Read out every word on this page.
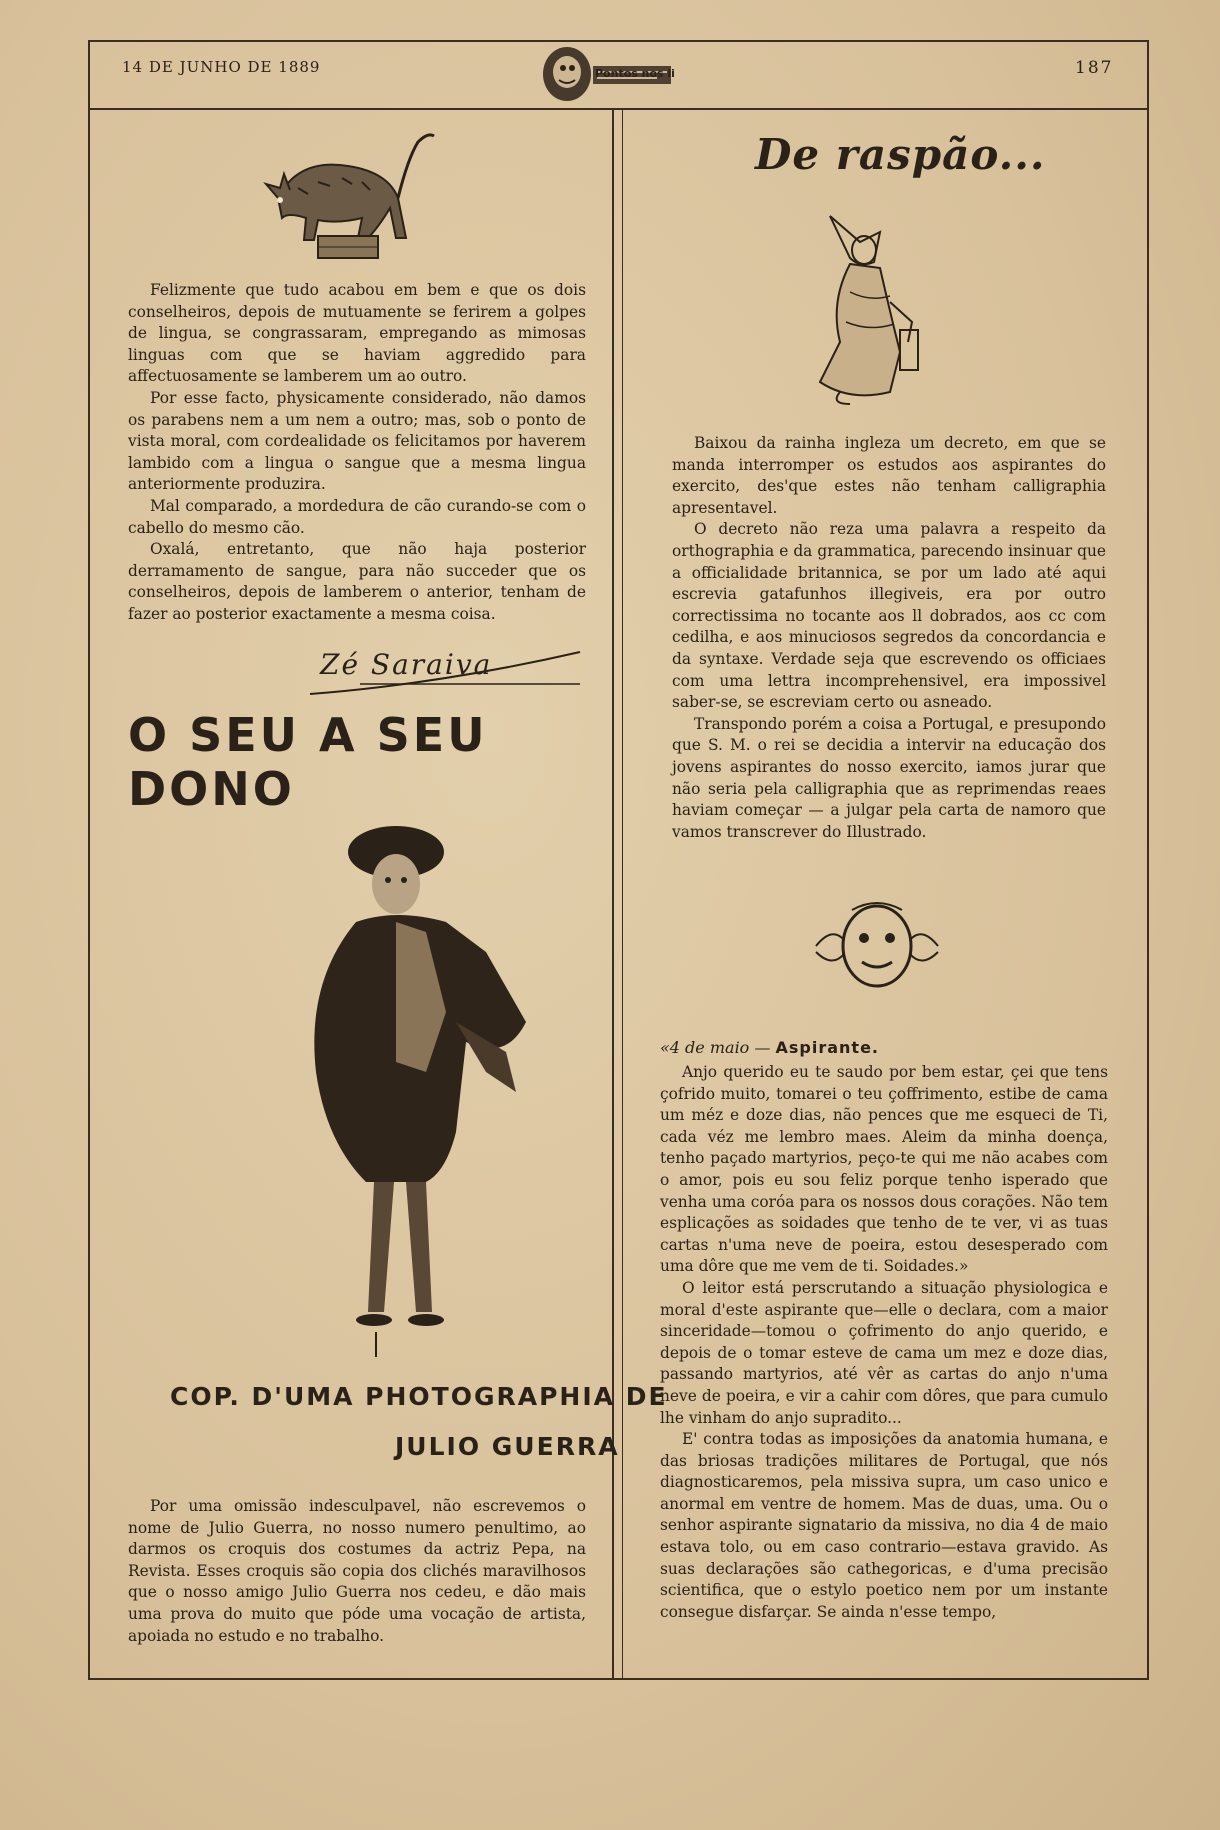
14 DE JUNHO DE 1889	187

Felizmente que tudo acabou em bem e que os dois conselheiros, depois de mutuamente se ferirem a golpes de lingua, se congrassaram, empregando as mimosas linguas com que se haviam aggredido para affectuosamente se lamberem um ao outro.

Por esse facto, physicamente considerado, não damos os parabens nem a um nem a outro; mas, sob o ponto de vista moral, com cordealidade os felicitamos por haverem lambido com a lingua o sangue que a mesma lingua anteriormente produzira.

Mal comparado, a mordedura de cão curando-se com o cabello do mesmo cão.

Oxalá, entretanto, que não haja posterior derramamento de sangue, para não succeder que os conselheiros, depois de lamberem o anterior, tenham de fazer ao posterior exactamente a mesma coisa.

Zé Saraiva
O SEU A SEU DONO
COP. D'UMA PHOTOGRAPHIA DE
JULIO GUERRA

Por uma omissão indesculpavel, não escrevemos o nome de Julio Guerra, no nosso numero penultimo, ao darmos os croquis dos costumes da actriz Pepa, na Revista. Esses croquis são copia dos clichés maravilhosos que o nosso amigo Julio Guerra nos cedeu, e dão mais uma prova do muito que póde uma vocação de artista, apoiada no estudo e no trabalho.

De raspão...

Baixou da rainha ingleza um decreto, em que se manda interromper os estudos aos aspirantes do exercito, des'que estes não tenham calligraphia apresentavel.

O decreto não reza uma palavra a respeito da orthographia e da grammatica, parecendo insinuar que a officialidade britannica, se por um lado até aqui escrevia gatafunhos illegiveis, era por outro correctissima no tocante aos ll dobrados, aos cc com cedilha, e aos minuciosos segredos da concordancia e da syntaxe. Verdade seja que escrevendo os officiaes com uma lettra incomprehensivel, era impossivel saber-se, se escreviam certo ou asneado.

Transpondo porém a coisa a Portugal, e presupondo que S. M. o rei se decidia a intervir na educação dos jovens aspirantes do nosso exercito, iamos jurar que não seria pela calligraphia que as reprimendas reaes haviam começar — a julgar pela carta de namoro que vamos transcrever do Illustrado.

«4 de maio — Aspirante.

Anjo querido eu te saudo por bem estar, çei que tens çofrido muito, tomarei o teu çoffrimento, estibe de cama um méz e doze dias, não pences que me esqueci de Ti, cada véz me lembro maes. Aleim da minha doença, tenho paçado martyrios, peço-te qui me não acabes com o amor, pois eu sou feliz porque tenho isperado que venha uma coróa para os nossos dous corações. Não tem esplicações as soidades que tenho de te ver, vi as tuas cartas n'uma neve de poeira, estou desesperado com uma dôre que me vem de ti. Soidades.»

O leitor está perscrutando a situação physiologica e moral d'este aspirante que—elle o declara, com a maior sinceridade—tomou o çofrimento do anjo querido, e depois de o tomar esteve de cama um mez e doze dias, passando martyrios, até vêr as cartas do anjo n'uma neve de poeira, e vir a cahir com dôres, que para cumulo lhe vinham do anjo supradito...

E' contra todas as imposições da anatomia humana, e das briosas tradições militares de Portugal, que nós diagnosticaremos, pela missiva supra, um caso unico e anormal em ventre de homem. Mas de duas, uma. Ou o senhor aspirante signatario da missiva, no dia 4 de maio estava tolo, ou em caso contrario—estava gravido. As suas declarações são cathegoricas, e d'uma precisão scientifica, que o estylo poetico nem por um instante consegue disfarçar. Se ainda n'esse tempo,

Pontos nos ii
